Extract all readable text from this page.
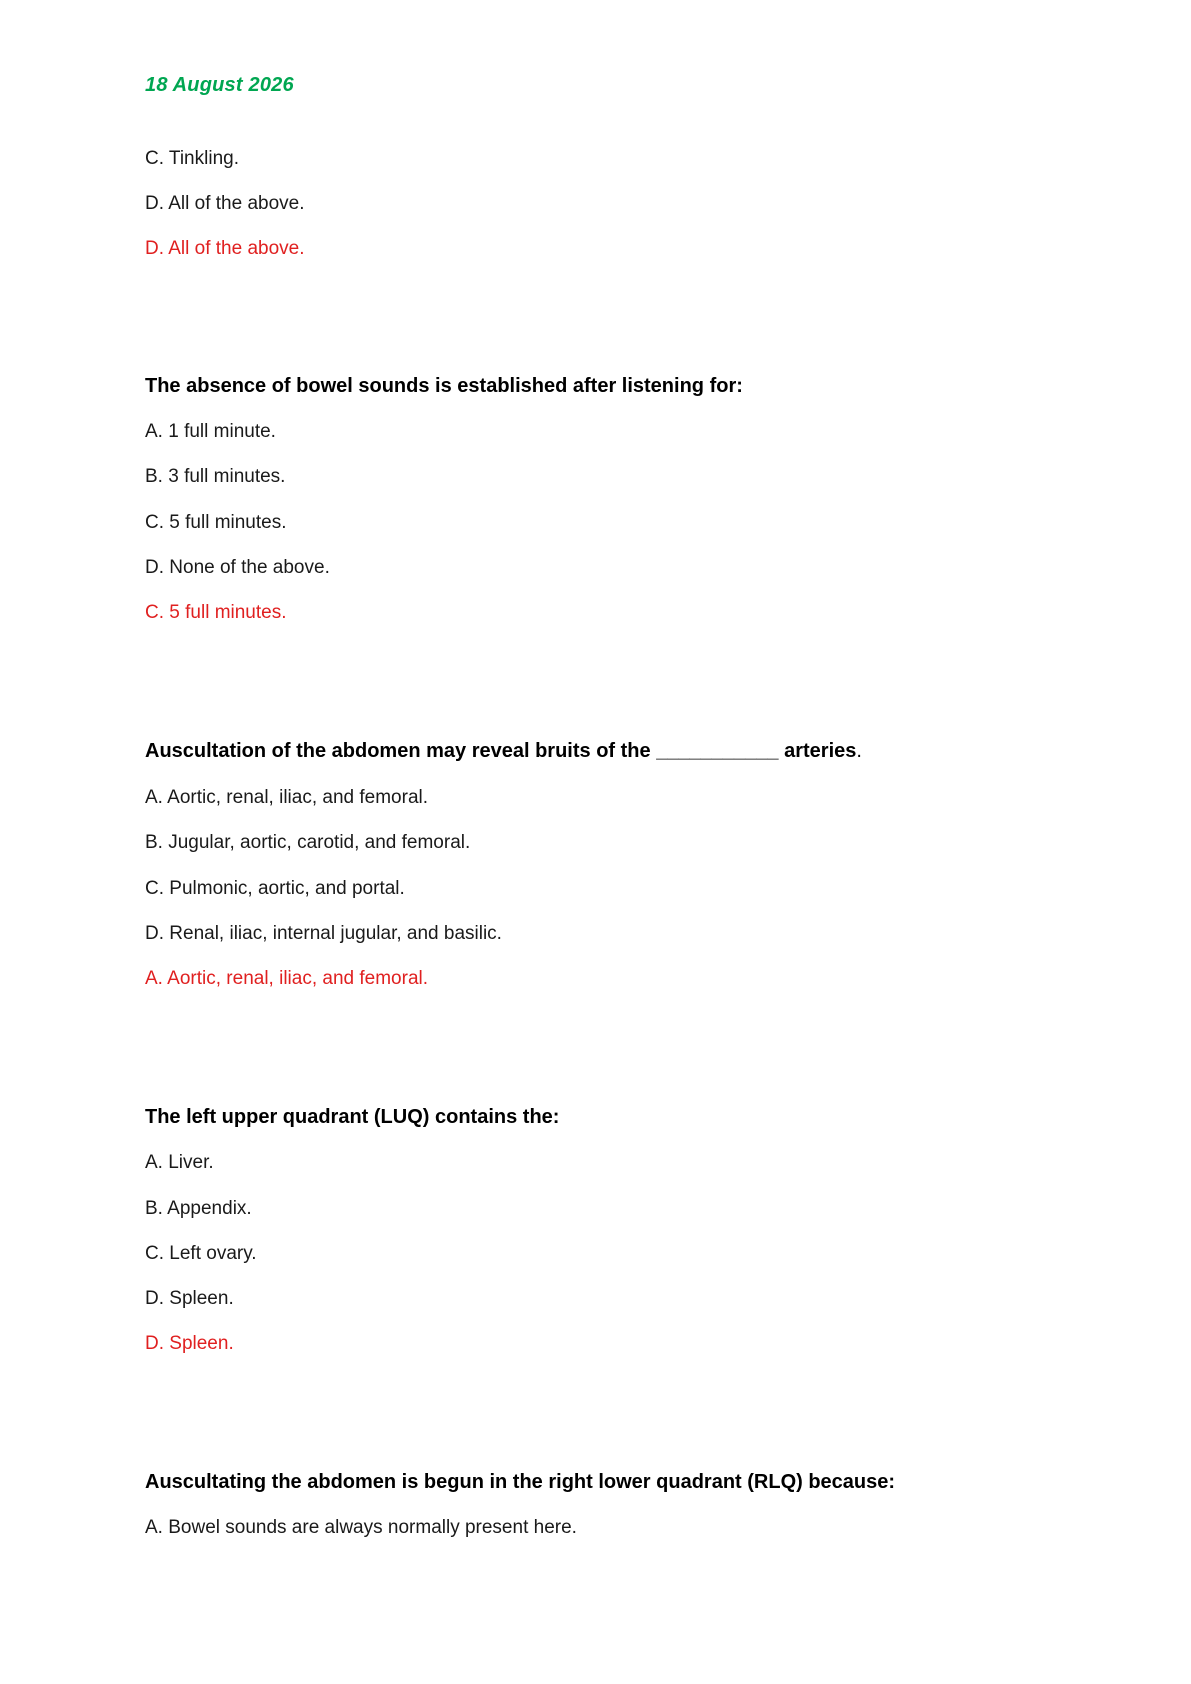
18 August 2026
C. Tinkling.
D. All of the above.
D. All of the above.
The absence of bowel sounds is established after listening for:
A. 1 full minute.
B. 3 full minutes.
C. 5 full minutes.
D. None of the above.
C. 5 full minutes.
Auscultation of the abdomen may reveal bruits of the ___________ arteries.
A. Aortic, renal, iliac, and femoral.
B. Jugular, aortic, carotid, and femoral.
C. Pulmonic, aortic, and portal.
D. Renal, iliac, internal jugular, and basilic.
A. Aortic, renal, iliac, and femoral.
The left upper quadrant (LUQ) contains the:
A. Liver.
B. Appendix.
C. Left ovary.
D. Spleen.
D. Spleen.
Auscultating the abdomen is begun in the right lower quadrant (RLQ) because:
A. Bowel sounds are always normally present here.
